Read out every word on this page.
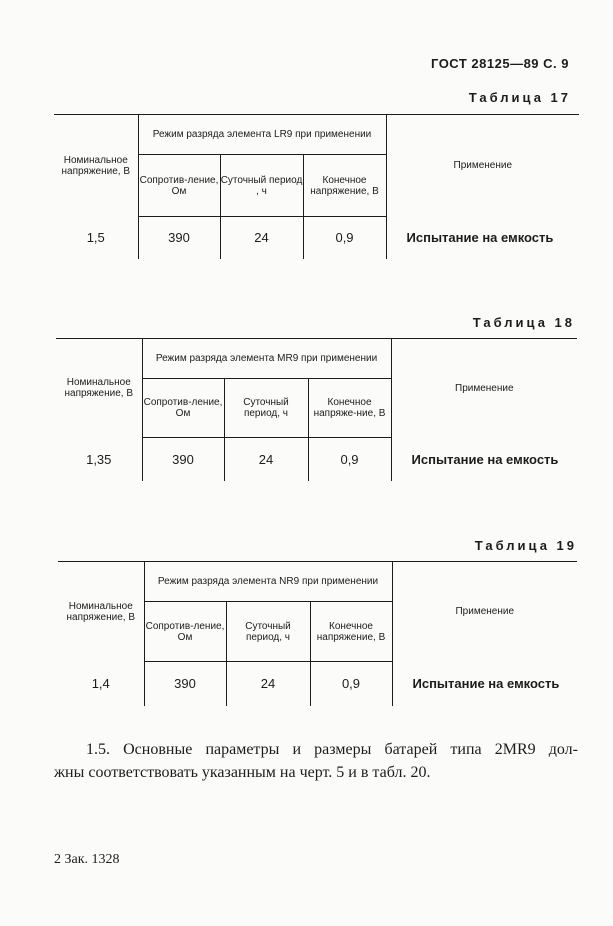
ГОСТ 28125—89 С. 9
Таблица 17
Номинальное напряжение, В	Режим разряда элемента LR9 при применении			Применение
	Сопротив-ление, Ом	Суточный период , ч	Конечное напряжение, В	
1,5	390	24	0,9	Испытание на емкость
Таблица 18
Номинальное напряжение, В	Режим разряда элемента MR9 при применении			Применение
	Сопротив-ление, Ом	Суточный период, ч	Конечное напряже-ние, В	
1,35	390	24	0,9	Испытание на емкость
Таблица 19
Номинальное напряжение, В	Режим разряда элемента NR9 при применении			Применение
	Сопротив-ление, Ом	Суточный период, ч	Конечное напряжение, В	
1,4	390	24	0,9	Испытание на емкость
1.5. Основные параметры и размеры батарей типа 2MR9 дол-
жны соответствовать указанным на черт. 5 и в табл. 20.
2 Зак. 1328
